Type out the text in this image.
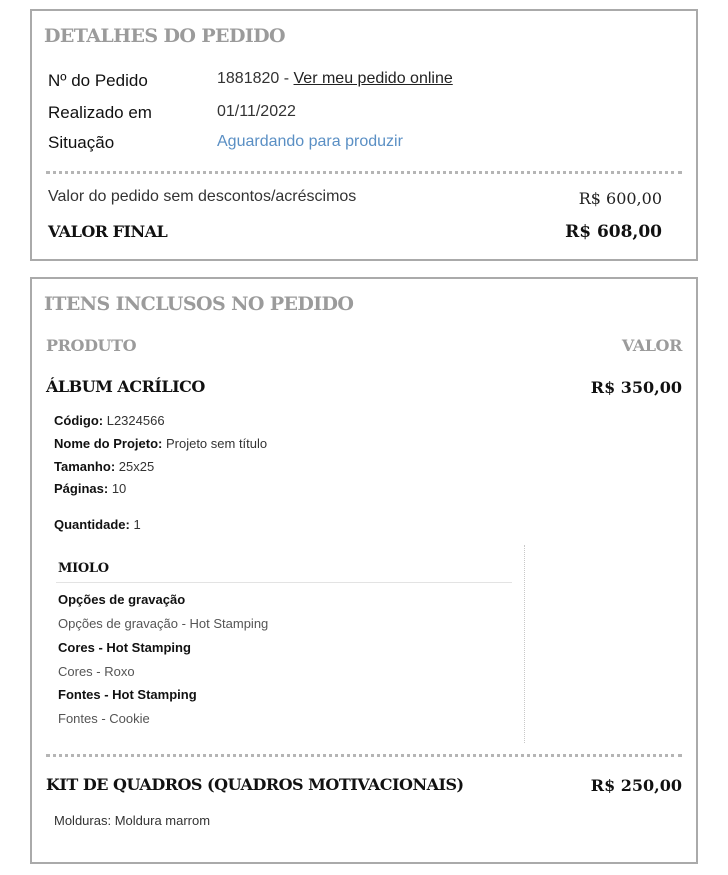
DETALHES DO PEDIDO
Nº do Pedido	1881820 - Ver meu pedido online
Realizado em	01/11/2022
Situação	Aguardando para produzir
Valor do pedido sem descontos/acréscimos	R$ 600,00
VALOR FINAL	R$ 608,00
ITENS INCLUSOS NO PEDIDO
PRODUTO	VALOR
ÁLBUM ACRÍLICO	R$ 350,00
Código: L2324566
Nome do Projeto: Projeto sem título
Tamanho: 25x25
Páginas: 10
Quantidade: 1
MIOLO
Opções de gravação
Opções de gravação - Hot Stamping
Cores - Hot Stamping
Cores - Roxo
Fontes - Hot Stamping
Fontes - Cookie
KIT DE QUADROS (QUADROS MOTIVACIONAIS)	R$ 250,00
Molduras: Moldura marrom
